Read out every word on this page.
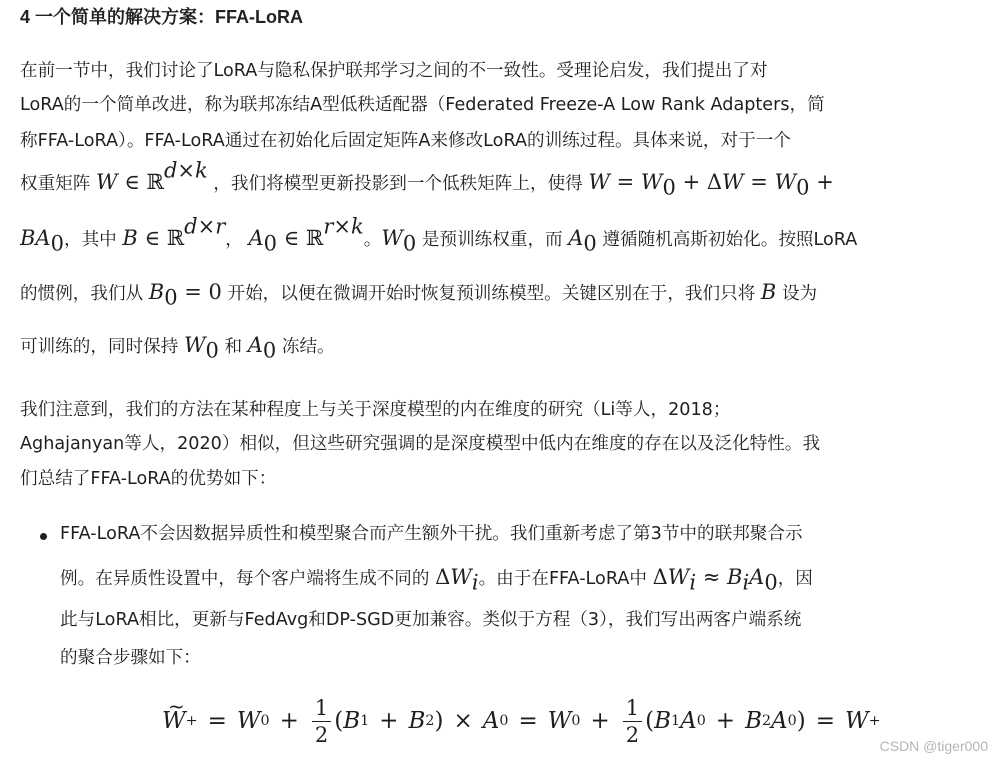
4 一个简单的解决方案：FFA-LoRA
在前一节中，我们讨论了LoRA与隐私保护联邦学习之间的不一致性。受理论启发，我们提出了对
LoRA的一个简单改进，称为联邦冻结A型低秩适配器（Federated Freeze-A Low Rank Adapters，简
称FFA-LoRA）。FFA-LoRA通过在初始化后固定矩阵A来修改LoRA的训练过程。具体来说，对于一个
权重矩阵 W ∈ ℝ$^{d\times k}$ ，我们将模型更新投影到一个低秩矩阵上，使得 $W = W_0 + \Delta W = W_0$ +
$BA_0$，其中 B ∈ ℝ$^{d\times r}$， $A_0$ ∈ ℝ$^{r\times k}$。$W_0$ 是预训练权重，而 $A_0$ 遵循随机高斯初始化。按照LoRA
的惯例，我们从 $B_0 = 0$ 开始，以便在微调开始时恢复预训练模型。关键区别在于，我们只将 B 设为
可训练的，同时保持 $W_0$ 和 $A_0$ 冻结。
我们注意到，我们的方法在某种程度上与关于深度模型的内在维度的研究（Li等人，2018；
Aghajanyan等人，2020）相似，但这些研究强调的是深度模型中低内在维度的存在以及泛化特性。我
们总结了FFA-LoRA的优势如下：
FFA-LoRA不会因数据异质性和模型聚合而产生额外干扰。我们重新考虑了第3节中的联邦聚合示
例。在异质性设置中，每个客户端将生成不同的 $\Delta W_i$。由于在FFA-LoRA中 $\Delta W_i \approx B_iA_0$，因
此与LoRA相比，更新与FedAvg和DP-SGD更加兼容。类似于方程（3），我们写出两客户端系统
的聚合步骤如下：
~ W + = W $0 + \frac{1}{2}$ ( B 1 + B 2 )
× A 0 = W $0 + \frac{1}{2}$ ( B 1 A 0 + B 2 A 0 )
= W +
CSDN @tiger000
